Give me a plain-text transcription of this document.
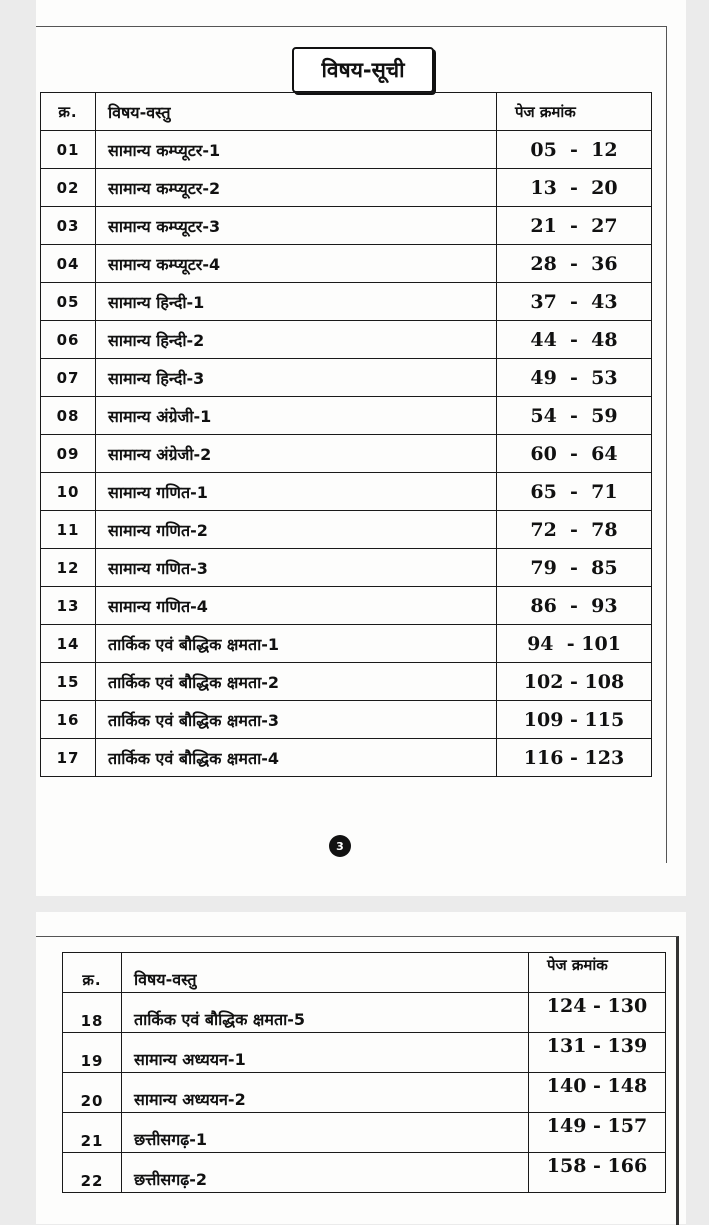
विषय-सूची
क्र.	विषय-वस्तु	पेज क्रमांक
01	सामान्य कम्प्यूटर-1	05  -  12
02	सामान्य कम्प्यूटर-2	13  -  20
03	सामान्य कम्प्यूटर-3	21  -  27
04	सामान्य कम्प्यूटर-4	28  -  36
05	सामान्य हिन्दी-1	37  -  43
06	सामान्य हिन्दी-2	44  -  48
07	सामान्य हिन्दी-3	49  -  53
08	सामान्य अंग्रेजी-1	54  -  59
09	सामान्य अंग्रेजी-2	60  -  64
10	सामान्य गणित-1	65  -  71
11	सामान्य गणित-2	72  -  78
12	सामान्य गणित-3	79  -  85
13	सामान्य गणित-4	86  -  93
14	तार्किक एवं बौद्धिक क्षमता-1	94  - 101
15	तार्किक एवं बौद्धिक क्षमता-2	102 - 108
16	तार्किक एवं बौद्धिक क्षमता-3	109 - 115
17	तार्किक एवं बौद्धिक क्षमता-4	116 - 123
3
क्र.	विषय-वस्तु	पेज क्रमांक
18	तार्किक एवं बौद्धिक क्षमता-5	124 - 130
19	सामान्य अध्ययन-1	131 - 139
20	सामान्य अध्ययन-2	140 - 148
21	छत्तीसगढ़-1	149 - 157
22	छत्तीसगढ़-2	158 - 166
